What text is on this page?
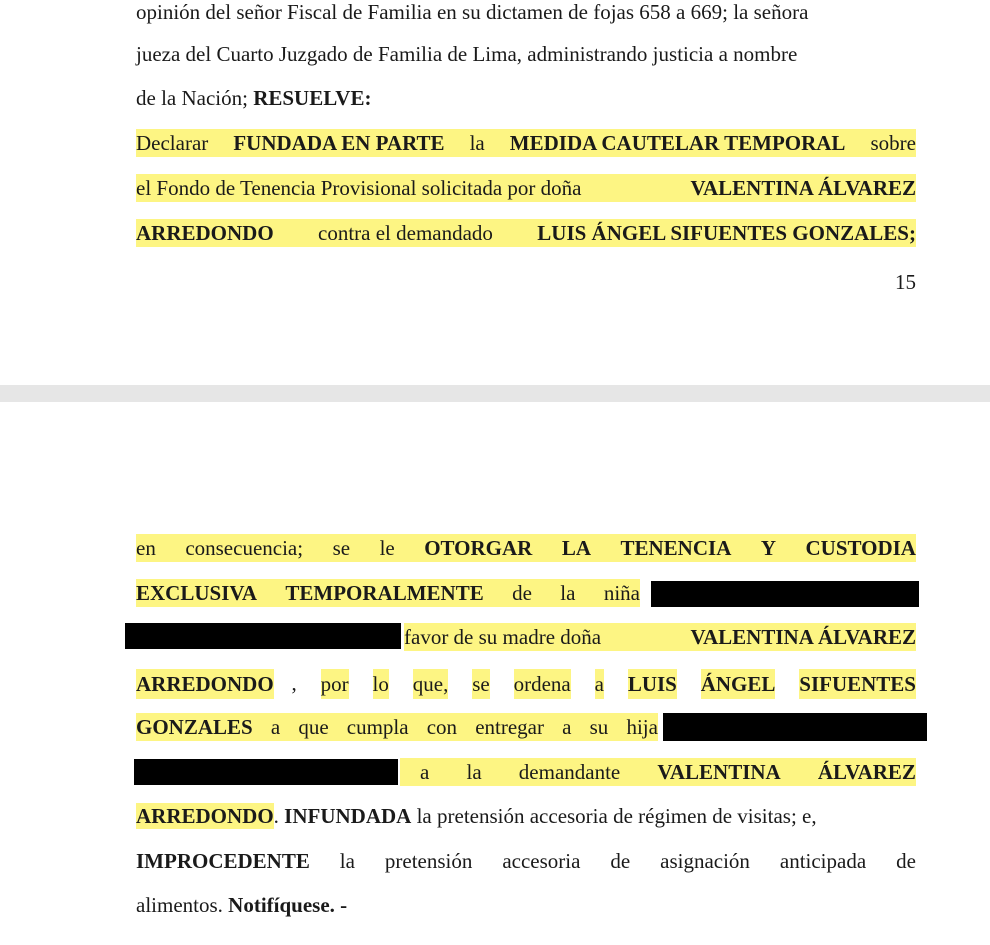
opinión del señor Fiscal de Familia en su dictamen de fojas 658 a 669; la señora
jueza del Cuarto Juzgado de Familia de Lima, administrando justicia a nombre
de la Nación; RESUELVE:
Declarar FUNDADA EN PARTE la MEDIDA CAUTELAR TEMPORAL sobre
el Fondo de Tenencia Provisional solicitada por doña	VALENTINA ÁLVAREZ
ARREDONDO contra el demandado LUIS ÁNGEL SIFUENTES GONZALES;
15
en consecuencia; se le OTORGAR LA TENENCIA Y CUSTODIA
EXCLUSIVA TEMPORALMENTE de la niña
favor de su madre doña	VALENTINA ÁLVAREZ
ARREDONDO , por lo que, se ordena a LUIS ÁNGEL SIFUENTES
GONZALES a que cumpla con entregar a su hija
a la demandante VALENTINA ÁLVAREZ
ARREDONDO. INFUNDADA la pretensión accesoria de régimen de visitas; e,
IMPROCEDENTE la pretensión accesoria de asignación anticipada de
alimentos. Notifíquese. -
